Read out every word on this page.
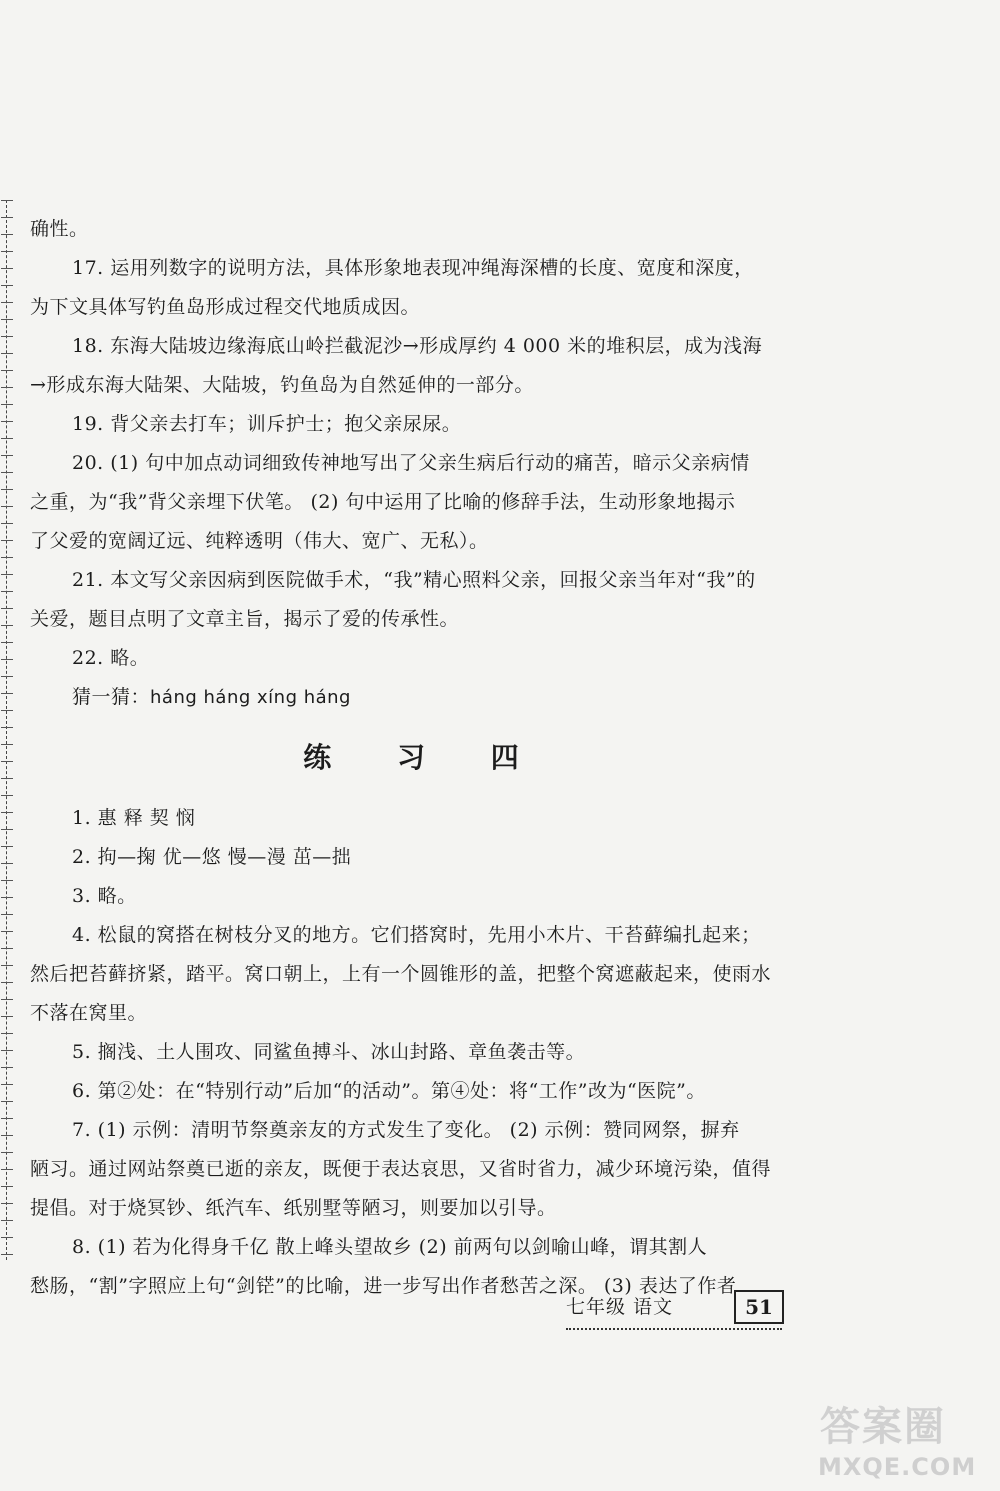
确性。
17. 运用列数字的说明方法，具体形象地表现冲绳海深槽的长度、宽度和深度，
为下文具体写钓鱼岛形成过程交代地质成因。
18. 东海大陆坡边缘海底山岭拦截泥沙→形成厚约 4 000 米的堆积层，成为浅海
→形成东海大陆架、大陆坡，钓鱼岛为自然延伸的一部分。
19. 背父亲去打车；训斥护士；抱父亲尿尿。
20. (1) 句中加点动词细致传神地写出了父亲生病后行动的痛苦，暗示父亲病情
之重，为“我”背父亲埋下伏笔。 (2) 句中运用了比喻的修辞手法，生动形象地揭示
了父爱的宽阔辽远、纯粹透明（伟大、宽广、无私）。
21. 本文写父亲因病到医院做手术，“我”精心照料父亲，回报父亲当年对“我”的
关爱，题目点明了文章主旨，揭示了爱的传承性。
22. 略。
猜一猜：háng háng xíng háng
练 习 四
1. 惠 释 契 悯
2. 拘—掬 优—悠 慢—漫 茁—拙
3. 略。
4. 松鼠的窝搭在树枝分叉的地方。它们搭窝时，先用小木片、干苔藓编扎起来；
然后把苔藓挤紧，踏平。窝口朝上，上有一个圆锥形的盖，把整个窝遮蔽起来，使雨水
不落在窝里。
5. 搁浅、土人围攻、同鲨鱼搏斗、冰山封路、章鱼袭击等。
6. 第②处：在“特别行动”后加“的活动”。第④处：将“工作”改为“医院”。
7. (1) 示例：清明节祭奠亲友的方式发生了变化。 (2) 示例：赞同网祭，摒弃
陋习。通过网站祭奠已逝的亲友，既便于表达哀思，又省时省力，减少环境污染，值得
提倡。对于烧冥钞、纸汽车、纸别墅等陋习，则要加以引导。
8. (1) 若为化得身千亿 散上峰头望故乡 (2) 前两句以剑喻山峰，谓其割人
愁肠，“割”字照应上句“剑铓”的比喻，进一步写出作者愁苦之深。 (3) 表达了作者
七年级 语文	51
答案圈
MXQE.COM
